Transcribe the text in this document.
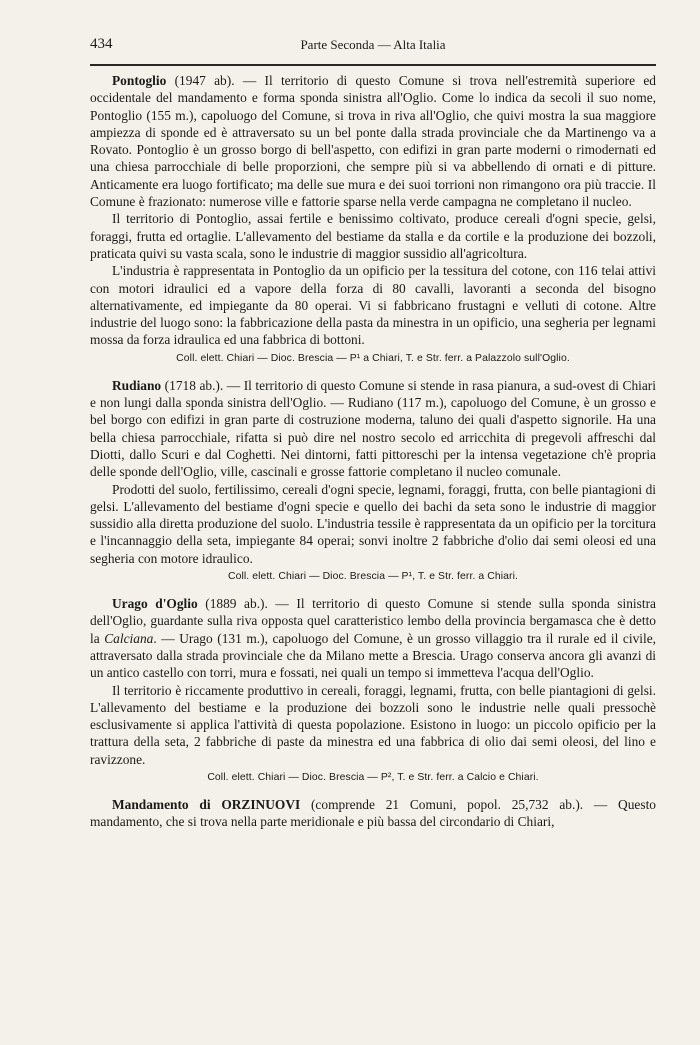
434	Parte Seconda — Alta Italia

Pontoglio (1947 ab). — Il territorio di questo Comune si trova nell'estremità superiore ed occidentale del mandamento e forma sponda sinistra all'Oglio. Come lo indica da secoli il suo nome, Pontoglio (155 m.), capoluogo del Comune, si trova in riva all'Oglio, che quivi mostra la sua maggiore ampiezza di sponde ed è attraversato su un bel ponte dalla strada provinciale che da Martinengo va a Rovato. Pontoglio è un grosso borgo di bell'aspetto, con edifizi in gran parte moderni o rimodernati ed una chiesa parrocchiale di belle proporzioni, che sempre più si va abbellendo di ornati e di pitture. Anticamente era luogo fortificato; ma delle sue mura e dei suoi torrioni non rimangono ora più traccie. Il Comune è frazionato: numerose ville e fattorie sparse nella verde campagna ne completano il nucleo.

Il territorio di Pontoglio, assai fertile e benissimo coltivato, produce cereali d'ogni specie, gelsi, foraggi, frutta ed ortaglie. L'allevamento del bestiame da stalla e da cortile e la produzione dei bozzoli, praticata quivi su vasta scala, sono le industrie di maggior sussidio all'agricoltura.

L'industria è rappresentata in Pontoglio da un opificio per la tessitura del cotone, con 116 telai attivi con motori idraulici ed a vapore della forza di 80 cavalli, lavoranti a seconda del bisogno alternativamente, ed impiegante da 80 operai. Vi si fabbricano frustagni e velluti di cotone. Altre industrie del luogo sono: la fabbricazione della pasta da minestra in un opificio, una segheria per legnami mossa da forza idraulica ed una fabbrica di bottoni.

Coll. elett. Chiari — Dioc. Brescia — P¹ a Chiari, T. e Str. ferr. a Palazzolo sull'Oglio.

Rudiano (1718 ab.). — Il territorio di questo Comune si stende in rasa pianura, a sud-ovest di Chiari e non lungi dalla sponda sinistra dell'Oglio. — Rudiano (117 m.), capoluogo del Comune, è un grosso e bel borgo con edifizi in gran parte di costruzione moderna, taluno dei quali d'aspetto signorile. Ha una bella chiesa parrocchiale, rifatta si può dire nel nostro secolo ed arricchita di pregevoli affreschi dal Diotti, dallo Scuri e dal Coghetti. Nei dintorni, fatti pittoreschi per la intensa vegetazione ch'è propria delle sponde dell'Oglio, ville, cascinali e grosse fattorie completano il nucleo comunale.

Prodotti del suolo, fertilissimo, cereali d'ogni specie, legnami, foraggi, frutta, con belle piantagioni di gelsi. L'allevamento del bestiame d'ogni specie e quello dei bachi da seta sono le industrie di maggior sussidio alla diretta produzione del suolo. L'industria tessile è rappresentata da un opificio per la torcitura e l'incannaggio della seta, impiegante 84 operai; sonvi inoltre 2 fabbriche d'olio dai semi oleosi ed una segheria con motore idraulico.

Coll. elett. Chiari — Dioc. Brescia — P¹, T. e Str. ferr. a Chiari.

Urago d'Oglio (1889 ab.). — Il territorio di questo Comune si stende sulla sponda sinistra dell'Oglio, guardante sulla riva opposta quel caratteristico lembo della provincia bergamasca che è detto la Calciana. — Urago (131 m.), capoluogo del Comune, è un grosso villaggio tra il rurale ed il civile, attraversato dalla strada provinciale che da Milano mette a Brescia. Urago conserva ancora gli avanzi di un antico castello con torri, mura e fossati, nei quali un tempo si immetteva l'acqua dell'Oglio.

Il territorio è riccamente produttivo in cereali, foraggi, legnami, frutta, con belle piantagioni di gelsi. L'allevamento del bestiame e la produzione dei bozzoli sono le industrie nelle quali pressochè esclusivamente si applica l'attività di questa popolazione. Esistono in luogo: un piccolo opificio per la trattura della seta, 2 fabbriche di paste da minestra ed una fabbrica di olio dai semi oleosi, del lino e ravizzone.

Coll. elett. Chiari — Dioc. Brescia — P², T. e Str. ferr. a Calcio e Chiari.

Mandamento di ORZINUOVI (comprende 21 Comuni, popol. 25,732 ab.). — Questo mandamento, che si trova nella parte meridionale e più bassa del circondario di Chiari,
